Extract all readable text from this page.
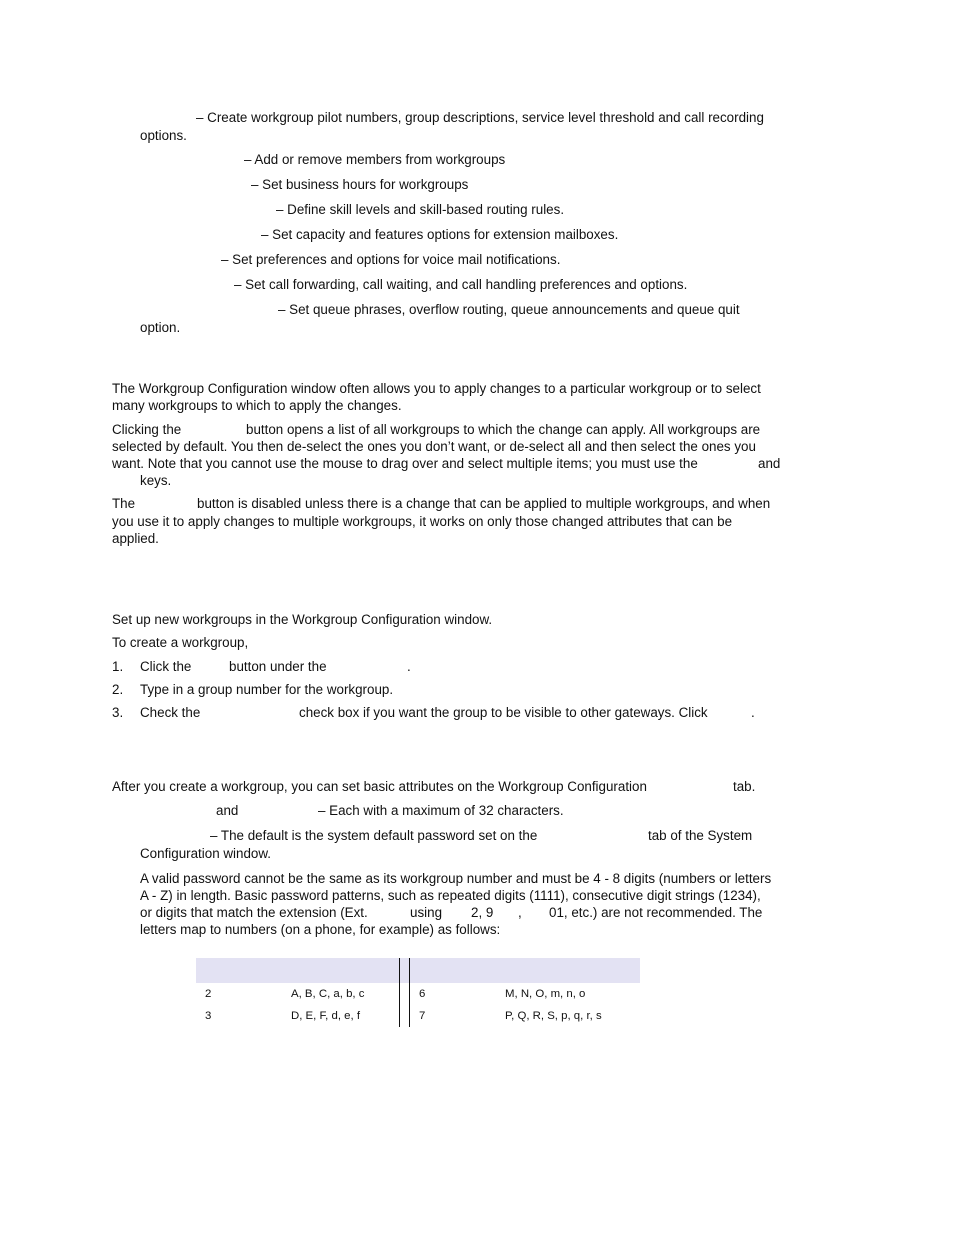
– Create workgroup pilot numbers, group descriptions, service level threshold and call recording
options.
– Add or remove members from workgroups
– Set business hours for workgroups
– Define skill levels and skill-based routing rules.
– Set capacity and features options for extension mailboxes.
– Set preferences and options for voice mail notifications.
– Set call forwarding, call waiting, and call handling preferences and options.
– Set queue phrases, overflow routing, queue announcements and queue quit
option.
The Workgroup Configuration window often allows you to apply changes to a particular workgroup or to select
many workgroups to which to apply the changes.
Clicking the	button opens a list of all workgroups to which the change can apply. All workgroups are
selected by default. You then de-select the ones you don’t want, or de-select all and then select the ones you
want. Note that you cannot use the mouse to drag over and select multiple items; you must use the	and
keys.
The	button is disabled unless there is a change that can be applied to multiple workgroups, and when
you use it to apply changes to multiple workgroups, it works on only those changed attributes that can be
applied.
Set up new workgroups in the Workgroup Configuration window.
To create a workgroup,
1. Click the	button under the	.
2. Type in a group number for the workgroup.
3. Check the	check box if you want the group to be visible to other gateways. Click	.
After you create a workgroup, you can set basic attributes on the Workgroup Configuration	tab.
and	– Each with a maximum of 32 characters.
– The default is the system default password set on the	tab of the System
Configuration window.
A valid password cannot be the same as its workgroup number and must be 4 - 8 digits (numbers or letters
A - Z) in length. Basic password patterns, such as repeated digits (1111), consecutive digit strings (1234),
or digits that match the extension (Ext.	using 2, 9 , 01, etc.) are not recommended. The
letters map to numbers (on a phone, for example) as follows:

2	A, B, C, a, b, c		6	M, N, O, m, n, o
3	D, E, F, d, e, f		7	P, Q, R, S, p, q, r, s
